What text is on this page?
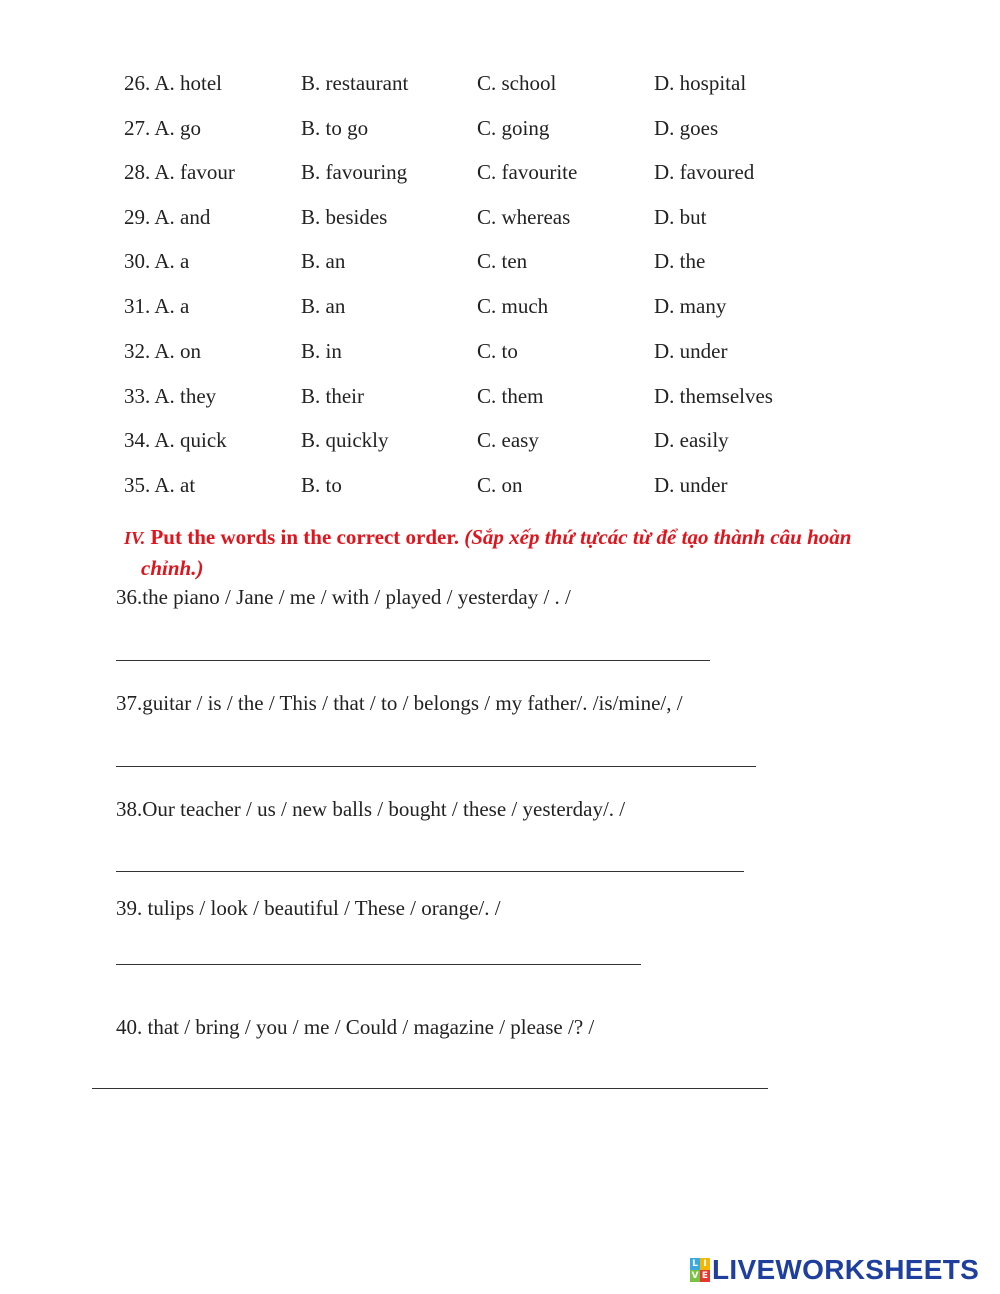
26. A. hotel	B. restaurant	C. school	D. hospital
27. A. go	B. to go	C. going	D. goes
28. A. favour	B. favouring	C. favourite	D. favoured
29. A. and	B. besides	C. whereas	D. but
30. A. a	B. an	C. ten	D. the
31. A. a	B. an	C. much	D. many
32. A. on	B. in	C. to	D. under
33. A. they	B. their	C. them	D. themselves
34. A. quick	B. quickly	C. easy	D. easily
35. A. at	B. to	C. on	D. under
IV. Put the words in the correct order. (Sắp xếp thứ tựcác từ để tạo thành câu hoàn
chỉnh.)
36.the piano / Jane / me / with / played / yesterday / . /
37.guitar / is / the / This / that / to / belongs / my father/. /is/mine/, /
38.Our teacher / us / new balls / bought / these / yesterday/. /
39. tulips / look / beautiful / These / orange/. /
40. that / bring / you / me / Could / magazine / please /? /
L I
V E LIVEWORKSHEETS
